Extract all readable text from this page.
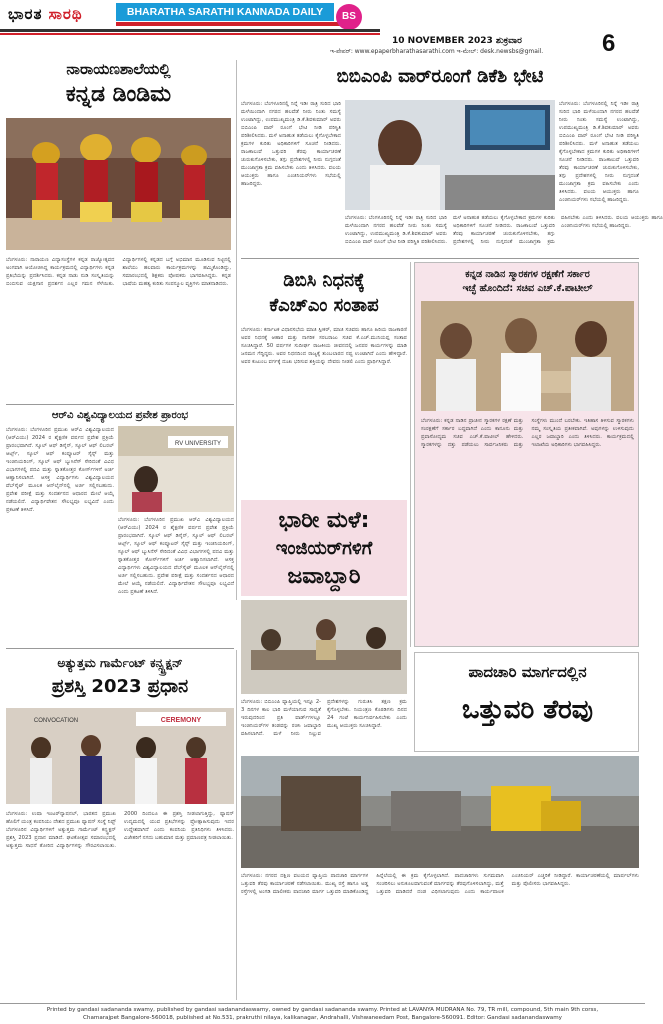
ಭಾರತ ಸಾರಥಿ	BHARATHA SARATHI KANNADA DAILY	BS
10 NOVEMBER 2023 ಶುಕ್ರವಾರ	6
ಇ-ಪೇಪರ್: www.epaperbharathasarathi.com ಇ-ಮೇಲ್: desk.newsbs@gmail.
ನಾರಾಯಣಶಾಲೆಯಲ್ಲಿ
ಕನ್ನಡ ಡಿಂಡಿಮ
ಬೆಂಗಳೂರು: ನಾರಾಯಣ ವಿದ್ಯಾಸಂಸ್ಥೆಗಳ ಕನ್ನಡ ರಾಜ್ಯೋತ್ಸವದ ಅಂಗವಾಗಿ ಆಯೋಜಿಸಿದ್ದ ಕಾರ್ಯಕ್ರಮದಲ್ಲಿ ವಿದ್ಯಾರ್ಥಿಗಳು ಕನ್ನಡ ಪ್ರತಿಭೆಯನ್ನು ಪ್ರದರ್ಶಿಸಿದರು. ಕನ್ನಡ ನಾಡು ನುಡಿ ಸಂಸ್ಕೃತಿಯನ್ನು ಬಿಂಬಿಸುವ ಯಕ್ಷಗಾನ ಪ್ರದರ್ಶನ ಎಲ್ಲರ ಗಮನ ಸೆಳೆಯಿತು. ವಿದ್ಯಾರ್ಥಿಗಳಲ್ಲಿ ಕನ್ನಡದ ಬಗ್ಗೆ ಅಭಿಮಾನ ಮೂಡಿಸುವ ನಿಟ್ಟಿನಲ್ಲಿ ಶಾಲೆಯು ಹಲವಾರು ಕಾರ್ಯಕ್ರಮಗಳನ್ನು ಹಮ್ಮಿಕೊಂಡಿದ್ದು, ಸಮಾರಂಭದಲ್ಲಿ ಶಿಕ್ಷಕರು ಪೋಷಕರು ಭಾಗವಹಿಸಿದ್ದರು. ಕನ್ನಡ ಭಾಷೆಯ ಮಹತ್ವ ಕುರಿತು ಸಂಪನ್ಮೂಲ ವ್ಯಕ್ತಿಗಳು ಮಾತನಾಡಿದರು.
ಬಿಬಿಎಂಪಿ ವಾರ್‌ರೂಂಗೆ ಡಿಕೆಶಿ ಭೇಟಿ
ಬೆಂಗಳೂರು: ಬೆಂಗಳೂರಿನಲ್ಲಿ ನಿನ್ನೆ ಇಡೀ ರಾತ್ರಿ ಸುರಿದ ಭಾರಿ ಮಳೆಯಿಂದಾಗಿ ನಗರದ ಹಲವೆಡೆ ನೀರು ನಿಂತು ಸಮಸ್ಯೆ ಉಂಟಾಗಿದ್ದು, ಉಪಮುಖ್ಯಮಂತ್ರಿ ಡಿ.ಕೆ.ಶಿವಕುಮಾರ್ ಅವರು ಬಿಬಿಎಂಪಿ ವಾರ್ ರೂಂಗೆ ಭೇಟಿ ನೀಡಿ ಪರಿಸ್ಥಿತಿ ಪರಿಶೀಲಿಸಿದರು. ಮಳೆ ಅನಾಹುತ ತಡೆಯಲು ಕೈಗೊಳ್ಳಬೇಕಾದ ಕ್ರಮಗಳ ಕುರಿತು ಅಧಿಕಾರಿಗಳಿಗೆ ಸೂಚನೆ ನೀಡಿದರು. ರಾಜಕಾಲುವೆ ಒತ್ತುವರಿ ತೆರವು ಕಾರ್ಯಾಚರಣೆ ಚುರುಕುಗೊಳಿಸಬೇಕು, ತಗ್ಗು ಪ್ರದೇಶಗಳಲ್ಲಿ ನೀರು ನುಗ್ಗದಂತೆ ಮುಂಜಾಗ್ರತಾ ಕ್ರಮ ವಹಿಸಬೇಕು ಎಂದು ತಿಳಿಸಿದರು. ವಲಯ ಆಯುಕ್ತರು ಹಾಗೂ ಎಂಜಿನಿಯರ್‌ಗಳು ಸಭೆಯಲ್ಲಿ ಹಾಜರಿದ್ದರು.
ಬೆಂಗಳೂರು: ಬೆಂಗಳೂರಿನಲ್ಲಿ ನಿನ್ನೆ ಇಡೀ ರಾತ್ರಿ ಸುರಿದ ಭಾರಿ ಮಳೆಯಿಂದಾಗಿ ನಗರದ ಹಲವೆಡೆ ನೀರು ನಿಂತು ಸಮಸ್ಯೆ ಉಂಟಾಗಿದ್ದು, ಉಪಮುಖ್ಯಮಂತ್ರಿ ಡಿ.ಕೆ.ಶಿವಕುಮಾರ್ ಅವರು ಬಿಬಿಎಂಪಿ ವಾರ್ ರೂಂಗೆ ಭೇಟಿ ನೀಡಿ ಪರಿಸ್ಥಿತಿ ಪರಿಶೀಲಿಸಿದರು. ಮಳೆ ಅನಾಹುತ ತಡೆಯಲು ಕೈಗೊಳ್ಳಬೇಕಾದ ಕ್ರಮಗಳ ಕುರಿತು ಅಧಿಕಾರಿಗಳಿಗೆ ಸೂಚನೆ ನೀಡಿದರು. ರಾಜಕಾಲುವೆ ಒತ್ತುವರಿ ತೆರವು ಕಾರ್ಯಾಚರಣೆ ಚುರುಕುಗೊಳಿಸಬೇಕು, ತಗ್ಗು ಪ್ರದೇಶಗಳಲ್ಲಿ ನೀರು ನುಗ್ಗದಂತೆ ಮುಂಜಾಗ್ರತಾ ಕ್ರಮ ವಹಿಸಬೇಕು ಎಂದು ತಿಳಿಸಿದರು. ವಲಯ ಆಯುಕ್ತರು ಹಾಗೂ ಎಂಜಿನಿಯರ್‌ಗಳು ಸಭೆಯಲ್ಲಿ ಹಾಜರಿದ್ದರು.
ಬೆಂಗಳೂರು: ಬೆಂಗಳೂರಿನಲ್ಲಿ ನಿನ್ನೆ ಇಡೀ ರಾತ್ರಿ ಸುರಿದ ಭಾರಿ ಮಳೆಯಿಂದಾಗಿ ನಗರದ ಹಲವೆಡೆ ನೀರು ನಿಂತು ಸಮಸ್ಯೆ ಉಂಟಾಗಿದ್ದು, ಉಪಮುಖ್ಯಮಂತ್ರಿ ಡಿ.ಕೆ.ಶಿವಕುಮಾರ್ ಅವರು ಬಿಬಿಎಂಪಿ ವಾರ್ ರೂಂಗೆ ಭೇಟಿ ನೀಡಿ ಪರಿಸ್ಥಿತಿ ಪರಿಶೀಲಿಸಿದರು. ಮಳೆ ಅನಾಹುತ ತಡೆಯಲು ಕೈಗೊಳ್ಳಬೇಕಾದ ಕ್ರಮಗಳ ಕುರಿತು ಅಧಿಕಾರಿಗಳಿಗೆ ಸೂಚನೆ ನೀಡಿದರು. ರಾಜಕಾಲುವೆ ಒತ್ತುವರಿ ತೆರವು ಕಾರ್ಯಾಚರಣೆ ಚುರುಕುಗೊಳಿಸಬೇಕು, ತಗ್ಗು ಪ್ರದೇಶಗಳಲ್ಲಿ ನೀರು ನುಗ್ಗದಂತೆ ಮುಂಜಾಗ್ರತಾ ಕ್ರಮ ವಹಿಸಬೇಕು ಎಂದು ತಿಳಿಸಿದರು. ವಲಯ ಆಯುಕ್ತರು ಹಾಗೂ ಎಂಜಿನಿಯರ್‌ಗಳು ಸಭೆಯಲ್ಲಿ ಹಾಜರಿದ್ದರು.
ಡಿಬಿಸಿ ನಿಧನಕ್ಕೆ
ಕೆಎಚ್‌ಎಂ ಸಂತಾಪ
ಬೆಂಗಳೂರು: ಕರ್ನಾಟಕ ವಿಧಾನಸಭೆಯ ಮಾಜಿ ಸ್ಪೀಕರ್, ಮಾಜಿ ಸಚಿವರು ಹಾಗೂ ಹಿರಿಯ ರಾಜಕಾರಣಿ ಅವರ ನಿಧನಕ್ಕೆ ಆಹಾರ ಮತ್ತು ನಾಗರಿಕ ಸರಬರಾಜು ಸಚಿವ ಕೆ.ಎಚ್.ಮುನಿಯಪ್ಪ ಸಂತಾಪ ಸೂಚಿಸಿದ್ದಾರೆ. 50 ವರ್ಷಗಳ ಸುದೀರ್ಘ ರಾಜಕೀಯ ಜೀವನದಲ್ಲಿ ಜನಪರ ಕಾರ್ಯಗಳನ್ನು ಮಾಡಿ ಜನಮನ ಗೆದ್ದಿದ್ದರು. ಅವರ ನಿಧನದಿಂದ ರಾಜ್ಯಕ್ಕೆ ತುಂಬಲಾರದ ನಷ್ಟ ಉಂಟಾಗಿದೆ ಎಂದು ಹೇಳಿದ್ದಾರೆ. ಅವರ ಕುಟುಂಬ ವರ್ಗಕ್ಕೆ ದುಃಖ ಭರಿಸುವ ಶಕ್ತಿಯನ್ನು ದೇವರು ನೀಡಲಿ ಎಂದು ಪ್ರಾರ್ಥಿಸಿದ್ದಾರೆ.
ಕನ್ನಡ ನಾಡಿನ ಸ್ಮಾರಕಗಳ ರಕ್ಷಣೆಗೆ ಸರ್ಕಾರ
ಇಚ್ಛೆ ಹೊಂದಿದೆ: ಸಚಿವ ಎಚ್.ಕೆ.ಪಾಟೀಲ್
ಬೆಂಗಳೂರು: ಕನ್ನಡ ನಾಡಿನ ಪ್ರಾಚೀನ ಸ್ಮಾರಕಗಳ ರಕ್ಷಣೆ ಮತ್ತು ಸಂರಕ್ಷಣೆಗೆ ಸರ್ಕಾರ ಬದ್ಧವಾಗಿದೆ ಎಂದು ಕಾನೂನು ಮತ್ತು ಪ್ರವಾಸೋದ್ಯಮ ಸಚಿವ ಎಚ್.ಕೆ.ಪಾಟೀಲ್ ಹೇಳಿದರು. ಸ್ಮಾರಕಗಳನ್ನು ದತ್ತು ಪಡೆಯಲು ಸಾರ್ವಜನಿಕರು ಮತ್ತು ಸಂಸ್ಥೆಗಳು ಮುಂದೆ ಬರಬೇಕು. ಇತಿಹಾಸ ತಿಳಿಸುವ ಸ್ಮಾರಕಗಳು ನಮ್ಮ ಸಂಸ್ಕೃತಿಯ ಪ್ರತೀಕವಾಗಿವೆ. ಅವುಗಳನ್ನು ಉಳಿಸುವುದು ಎಲ್ಲರ ಜವಾಬ್ದಾರಿ ಎಂದು ತಿಳಿಸಿದರು. ಕಾರ್ಯಕ್ರಮದಲ್ಲಿ ಇಲಾಖೆಯ ಅಧಿಕಾರಿಗಳು ಭಾಗವಹಿಸಿದ್ದರು.
ಆರ್‌ವಿ ವಿಶ್ವವಿದ್ಯಾಲಯದ ಪ್ರವೇಶ ಪ್ರಾರಂಭ
ಬೆಂಗಳೂರು: ಬೆಂಗಳೂರಿನ ಪ್ರಮುಖ ಆರ್‌ವಿ ವಿಶ್ವವಿದ್ಯಾಲಯದ (ಆರ್‌ವಿಯು) 2024 ರ ಶೈಕ್ಷಣಿಕ ವರ್ಷದ ಪ್ರವೇಶ ಪ್ರಕ್ರಿಯೆ ಪ್ರಾರಂಭವಾಗಿದೆ. ಸ್ಕೂಲ್ ಆಫ್ ಡಿಸೈನ್, ಸ್ಕೂಲ್ ಆಫ್ ಲಿಬರಲ್ ಆರ್ಟ್ಸ್, ಸ್ಕೂಲ್ ಆಫ್ ಕಂಪ್ಯೂಟರ್ ಸೈನ್ಸ್ ಮತ್ತು ಇಂಜಿನಿಯರಿಂಗ್, ಸ್ಕೂಲ್ ಆಫ್ ಬ್ಯುಸಿನೆಸ್ ಸೇರಿದಂತೆ ವಿವಿಧ ವಿಭಾಗಗಳಲ್ಲಿ ಪದವಿ ಮತ್ತು ಸ್ನಾತಕೋತ್ತರ ಕೋರ್ಸ್‌ಗಳಿಗೆ ಅರ್ಜಿ ಆಹ್ವಾನಿಸಲಾಗಿದೆ. ಆಸಕ್ತ ವಿದ್ಯಾರ್ಥಿಗಳು ವಿಶ್ವವಿದ್ಯಾಲಯದ ವೆಬ್‌ಸೈಟ್ ಮೂಲಕ ಆನ್‌ಲೈನ್‌ನಲ್ಲಿ ಅರ್ಜಿ ಸಲ್ಲಿಸಬಹುದು. ಪ್ರವೇಶ ಪರೀಕ್ಷೆ ಮತ್ತು ಸಂದರ್ಶನದ ಆಧಾರದ ಮೇಲೆ ಆಯ್ಕೆ ನಡೆಯಲಿದೆ. ವಿದ್ಯಾರ್ಥಿವೇತನ ಸೌಲಭ್ಯವೂ ಲಭ್ಯವಿದೆ ಎಂದು ಪ್ರಕಟಣೆ ತಿಳಿಸಿದೆ.
RV UNIVERSITY
ಬೆಂಗಳೂರು: ಬೆಂಗಳೂರಿನ ಪ್ರಮುಖ ಆರ್‌ವಿ ವಿಶ್ವವಿದ್ಯಾಲಯದ (ಆರ್‌ವಿಯು) 2024 ರ ಶೈಕ್ಷಣಿಕ ವರ್ಷದ ಪ್ರವೇಶ ಪ್ರಕ್ರಿಯೆ ಪ್ರಾರಂಭವಾಗಿದೆ. ಸ್ಕೂಲ್ ಆಫ್ ಡಿಸೈನ್, ಸ್ಕೂಲ್ ಆಫ್ ಲಿಬರಲ್ ಆರ್ಟ್ಸ್, ಸ್ಕೂಲ್ ಆಫ್ ಕಂಪ್ಯೂಟರ್ ಸೈನ್ಸ್ ಮತ್ತು ಇಂಜಿನಿಯರಿಂಗ್, ಸ್ಕೂಲ್ ಆಫ್ ಬ್ಯುಸಿನೆಸ್ ಸೇರಿದಂತೆ ವಿವಿಧ ವಿಭಾಗಗಳಲ್ಲಿ ಪದವಿ ಮತ್ತು ಸ್ನಾತಕೋತ್ತರ ಕೋರ್ಸ್‌ಗಳಿಗೆ ಅರ್ಜಿ ಆಹ್ವಾನಿಸಲಾಗಿದೆ. ಆಸಕ್ತ ವಿದ್ಯಾರ್ಥಿಗಳು ವಿಶ್ವವಿದ್ಯಾಲಯದ ವೆಬ್‌ಸೈಟ್ ಮೂಲಕ ಆನ್‌ಲೈನ್‌ನಲ್ಲಿ ಅರ್ಜಿ ಸಲ್ಲಿಸಬಹುದು. ಪ್ರವೇಶ ಪರೀಕ್ಷೆ ಮತ್ತು ಸಂದರ್ಶನದ ಆಧಾರದ ಮೇಲೆ ಆಯ್ಕೆ ನಡೆಯಲಿದೆ. ವಿದ್ಯಾರ್ಥಿವೇತನ ಸೌಲಭ್ಯವೂ ಲಭ್ಯವಿದೆ ಎಂದು ಪ್ರಕಟಣೆ ತಿಳಿಸಿದೆ.
ಭಾರೀ ಮಳೆ:
ಇಂಜಿಯರ್‌ಗಳಿಗೆ
ಜವಾಬ್ದಾರಿ
ಬೆಂಗಳೂರು: ಬಿಬಿಎಂಪಿ ವ್ಯಾಪ್ತಿಯಲ್ಲಿ ಇನ್ನೂ 2-3 ದಿನಗಳ ಕಾಲ ಭಾರಿ ಮಳೆಯಾಗುವ ಸಾಧ್ಯತೆ ಇರುವುದರಿಂದ ಪ್ರತಿ ವಾರ್ಡ್‌ಗಳಲ್ಲೂ ಇಂಜಿನಿಯರ್‌ಗಳ ತಂಡವನ್ನು ರಚಿಸಿ ಜವಾಬ್ದಾರಿ ವಹಿಸಲಾಗಿದೆ. ಮಳೆ ನೀರು ನಿಲ್ಲುವ ಪ್ರದೇಶಗಳನ್ನು ಗುರುತಿಸಿ ತಕ್ಷಣ ಕ್ರಮ ಕೈಗೊಳ್ಳಬೇಕು. ನಿಯಂತ್ರಣ ಕೊಠಡಿಗಳು ದಿನದ 24 ಗಂಟೆ ಕಾರ್ಯನಿರ್ವಹಿಸಬೇಕು ಎಂದು ಮುಖ್ಯ ಆಯುಕ್ತರು ಸೂಚಿಸಿದ್ದಾರೆ.
ಅತ್ಯುತ್ತಮ ಗಾರ್ಮೆಂಟ್ ಕನ್ಸ್ಟ್ರಕ್ಷನ್
ಪ್ರಶಸ್ತಿ 2023 ಪ್ರಧಾನ
CEREMONY
CONVOCATION
ಬೆಂಗಳೂರು: ಉಷಾ ಇಂಟರ್‌ನ್ಯಾಷನಲ್, ಭಾರತದ ಪ್ರಮುಖ ಹೊಲಿಗೆ ಯಂತ್ರ ಕಂಪನಿಯು ದೇಶದ ಪ್ರಮುಖ ಫ್ಯಾಷನ್ ಸಂಸ್ಥೆ ನಿಫ್ಟ್ ಬೆಂಗಳೂರಿನ ವಿದ್ಯಾರ್ಥಿಗಳಿಗೆ ಅತ್ಯುತ್ತಮ ಗಾರ್ಮೆಂಟ್ ಕನ್ಸ್ಟ್ರಕ್ಷನ್ ಪ್ರಶಸ್ತಿ 2023 ಪ್ರದಾನ ಮಾಡಿದೆ. ಘಟಿಕೋತ್ಸವ ಸಮಾರಂಭದಲ್ಲಿ ಅತ್ಯುತ್ತಮ ಸಾಧನೆ ತೋರಿದ ವಿದ್ಯಾರ್ಥಿಗಳನ್ನು ಗೌರವಿಸಲಾಯಿತು. 2000 ದಿಂದಲೂ ಈ ಪ್ರಶಸ್ತಿ ನೀಡಲಾಗುತ್ತಿದ್ದು, ಫ್ಯಾಷನ್ ಉದ್ಯಮದಲ್ಲಿ ಯುವ ಪ್ರತಿಭೆಗಳನ್ನು ಪ್ರೋತ್ಸಾಹಿಸುವುದು ಇದರ ಉದ್ದೇಶವಾಗಿದೆ ಎಂದು ಕಂಪನಿಯ ಪ್ರತಿನಿಧಿಗಳು ತಿಳಿಸಿದರು. ವಿಜೇತರಿಗೆ ನಗದು ಬಹುಮಾನ ಮತ್ತು ಪ್ರಮಾಣಪತ್ರ ನೀಡಲಾಯಿತು.
ಪಾದಚಾರಿ ಮಾರ್ಗದಲ್ಲಿನ
ಒತ್ತುವರಿ ತೆರವು
ಬೆಂಗಳೂರು: ನಗರದ ದಕ್ಷಿಣ ವಲಯದ ವ್ಯಾಪ್ತಿಯ ಪಾದಚಾರಿ ಮಾರ್ಗಗಳ ಒತ್ತುವರಿ ತೆರವು ಕಾರ್ಯಾಚರಣೆ ನಡೆಸಲಾಯಿತು. ಮುಖ್ಯ ರಸ್ತೆ ಹಾಗೂ ಅಡ್ಡ ರಸ್ತೆಗಳಲ್ಲಿ ಅಂಗಡಿ ಮಾಲೀಕರು ಪಾದಚಾರಿ ಮಾರ್ಗ ಒತ್ತುವರಿ ಮಾಡಿಕೊಂಡಿದ್ದ ಹಿನ್ನೆಲೆಯಲ್ಲಿ ಈ ಕ್ರಮ ಕೈಗೊಳ್ಳಲಾಗಿದೆ. ಪಾದಚಾರಿಗಳು ಸುಗಮವಾಗಿ ಸಂಚರಿಸಲು ಅನುಕೂಲವಾಗುವಂತೆ ಮಾರ್ಗವನ್ನು ತೆರವುಗೊಳಿಸಲಾಗಿದ್ದು, ಮತ್ತೆ ಒತ್ತುವರಿ ಮಾಡಿದರೆ ದಂಡ ವಿಧಿಸಲಾಗುವುದು ಎಂದು ಕಾರ್ಯಪಾಲಕ ಎಂಜಿನಿಯರ್ ಎಚ್ಚರಿಕೆ ನೀಡಿದ್ದಾರೆ. ಕಾರ್ಯಾಚರಣೆಯಲ್ಲಿ ಮಾರ್ಷಲ್‌ಗಳು ಮತ್ತು ಪೊಲೀಸರು ಭಾಗವಹಿಸಿದ್ದರು.
Printed by gandasi sadananda swamy, published by gandasi sadanandaswamy, owned by gandasi sadananda swamy. Printed at LAVANYA MUDRANA No. 79, TR mill, compound, 5th main 9th corss,
Chamarajpet Bangalore-560018, published at No.531, prakruthi nilaya, kalikanagar, Andrahalli, Vishwaneedam Post, Bangalore-560091. Editor: Gandasi sadanandaswamy
